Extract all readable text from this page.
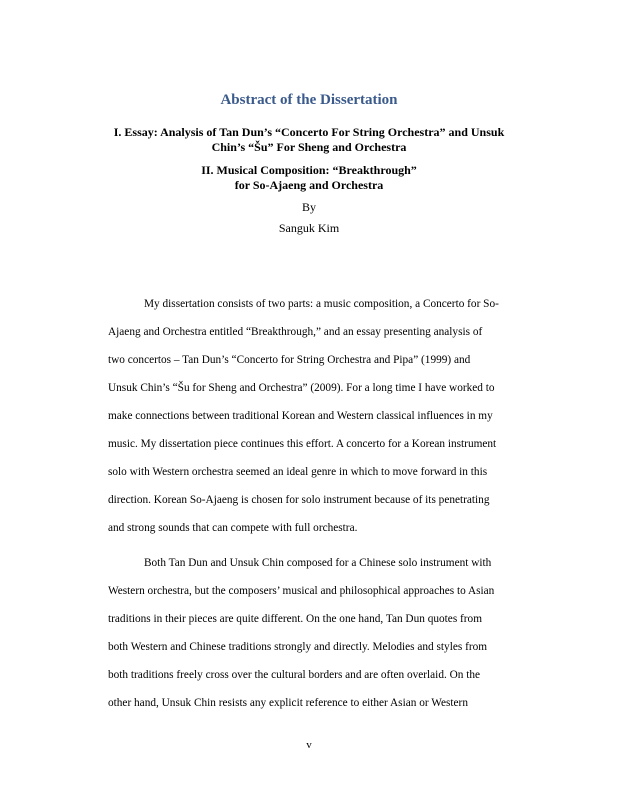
Abstract of the Dissertation
I. Essay: Analysis of Tan Dun’s “Concerto For String Orchestra” and Unsuk Chin’s “Šu” For Sheng and Orchestra
II. Musical Composition: “Breakthrough”
for So-Ajaeng and Orchestra
By
Sanguk Kim

My dissertation consists of two parts: a music composition, a Concerto for So-
Ajaeng and Orchestra entitled “Breakthrough,” and an essay presenting analysis of
two concertos – Tan Dun’s “Concerto for String Orchestra and Pipa” (1999) and
Unsuk Chin’s “Šu for Sheng and Orchestra” (2009). For a long time I have worked to
make connections between traditional Korean and Western classical influences in my
music. My dissertation piece continues this effort. A concerto for a Korean instrument
solo with Western orchestra seemed an ideal genre in which to move forward in this
direction. Korean So-Ajaeng is chosen for solo instrument because of its penetrating
and strong sounds that can compete with full orchestra.

Both Tan Dun and Unsuk Chin composed for a Chinese solo instrument with
Western orchestra, but the composers’ musical and philosophical approaches to Asian
traditions in their pieces are quite different. On the one hand, Tan Dun quotes from
both Western and Chinese traditions strongly and directly. Melodies and styles from
both traditions freely cross over the cultural borders and are often overlaid. On the
other hand, Unsuk Chin resists any explicit reference to either Asian or Western

v
